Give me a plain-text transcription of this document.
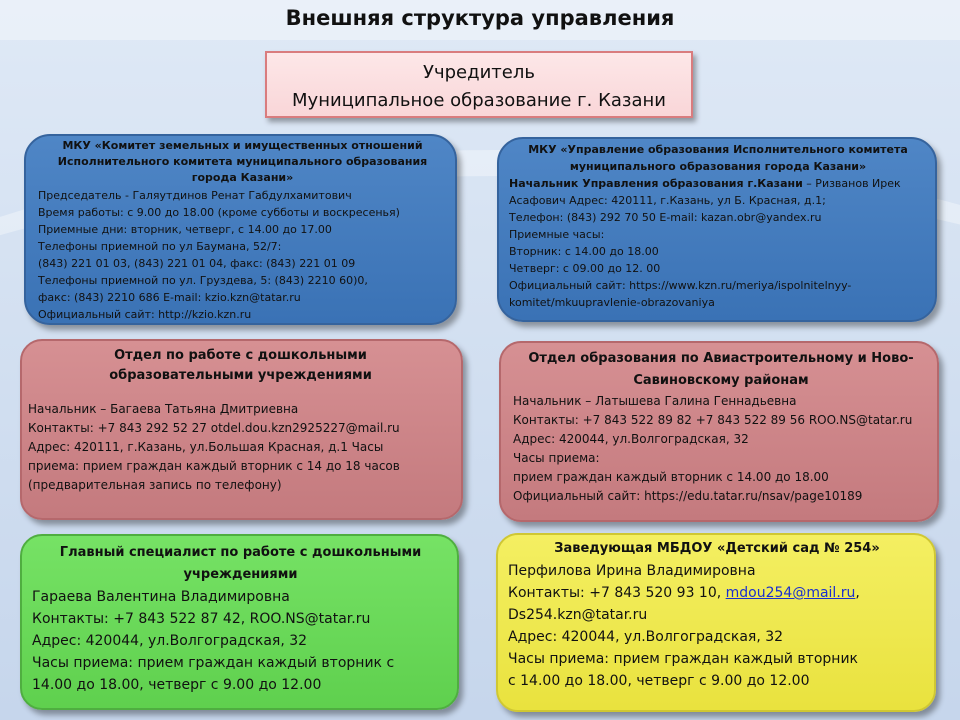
Внешняя структура управления
Учредитель
Муниципальное образование г. Казани
МКУ «Комитет земельных и имущественных отношений
Исполнительного комитета муниципального образования
города Казани»
Председатель - Галяутдинов Ренат Габдулхамитович
Время работы: с 9.00 до 18.00 (кроме субботы и воскресенья)
Приемные дни: вторник, четверг, с 14.00 до 17.00
Телефоны приемной по ул Баумана, 52/7:
(843) 221 01 03, (843) 221 01 04, факс: (843) 221 01 09
Телефоны приемной по ул. Груздева, 5: (843) 2210 60)0,
факс: (843) 2210 686 E-mail: kzio.kzn@tatar.ru
Официальный сайт: http://kzio.kzn.ru
МКУ «Управление образования Исполнительного комитета
муниципального образования города Казани»
Начальник Управления образования г.Казани – Ризванов Ирек
Асафович Адрес: 420111, г.Казань, ул Б. Красная, д.1;
Телефон: (843) 292 70 50 E-mail: kazan.obr@yandex.ru
Приемные часы:
Вторник: с 14.00 до 18.00
Четверг: с 09.00 до 12. 00
Официальный сайт: https://www.kzn.ru/meriya/ispolnitelnyy-
komitet/mkuupravlenie-obrazovaniya
Отдел по работе с дошкольными
образовательными учреждениями
Начальник – Багаева Татьяна Дмитриевна
Контакты: +7 843 292 52 27 otdel.dou.kzn2925227@mail.ru
Адрес: 420111, г.Казань, ул.Большая Красная, д.1 Часы
приема: прием граждан каждый вторник с 14 до 18 часов
(предварительная запись по телефону)
Отдел образования по Авиастроительному и Ново-
Савиновскому районам
Начальник – Латышева Галина Геннадьевна
Контакты: +7 843 522 89 82 +7 843 522 89 56 ROO.NS@tatar.ru
Адрес: 420044, ул.Волгоградская, 32
Часы приема:
прием граждан каждый вторник с 14.00 до 18.00
Официальный сайт: https://edu.tatar.ru/nsav/page10189
Главный специалист по работе с дошкольными
учреждениями
Гараева Валентина Владимировна
Контакты: +7 843 522 87 42, ROO.NS@tatar.ru
Адрес: 420044, ул.Волгоградская, 32
Часы приема: прием граждан каждый вторник с
14.00 до 18.00, четверг с 9.00 до 12.00
Заведующая МБДОУ «Детский сад № 254»
Перфилова Ирина Владимировна
Контакты: +7 843 520 93 10, mdou254@mail.ru,
Ds254.kzn@tatar.ru
Адрес: 420044, ул.Волгоградская, 32
Часы приема: прием граждан каждый вторник
с 14.00 до 18.00, четверг с 9.00 до 12.00
